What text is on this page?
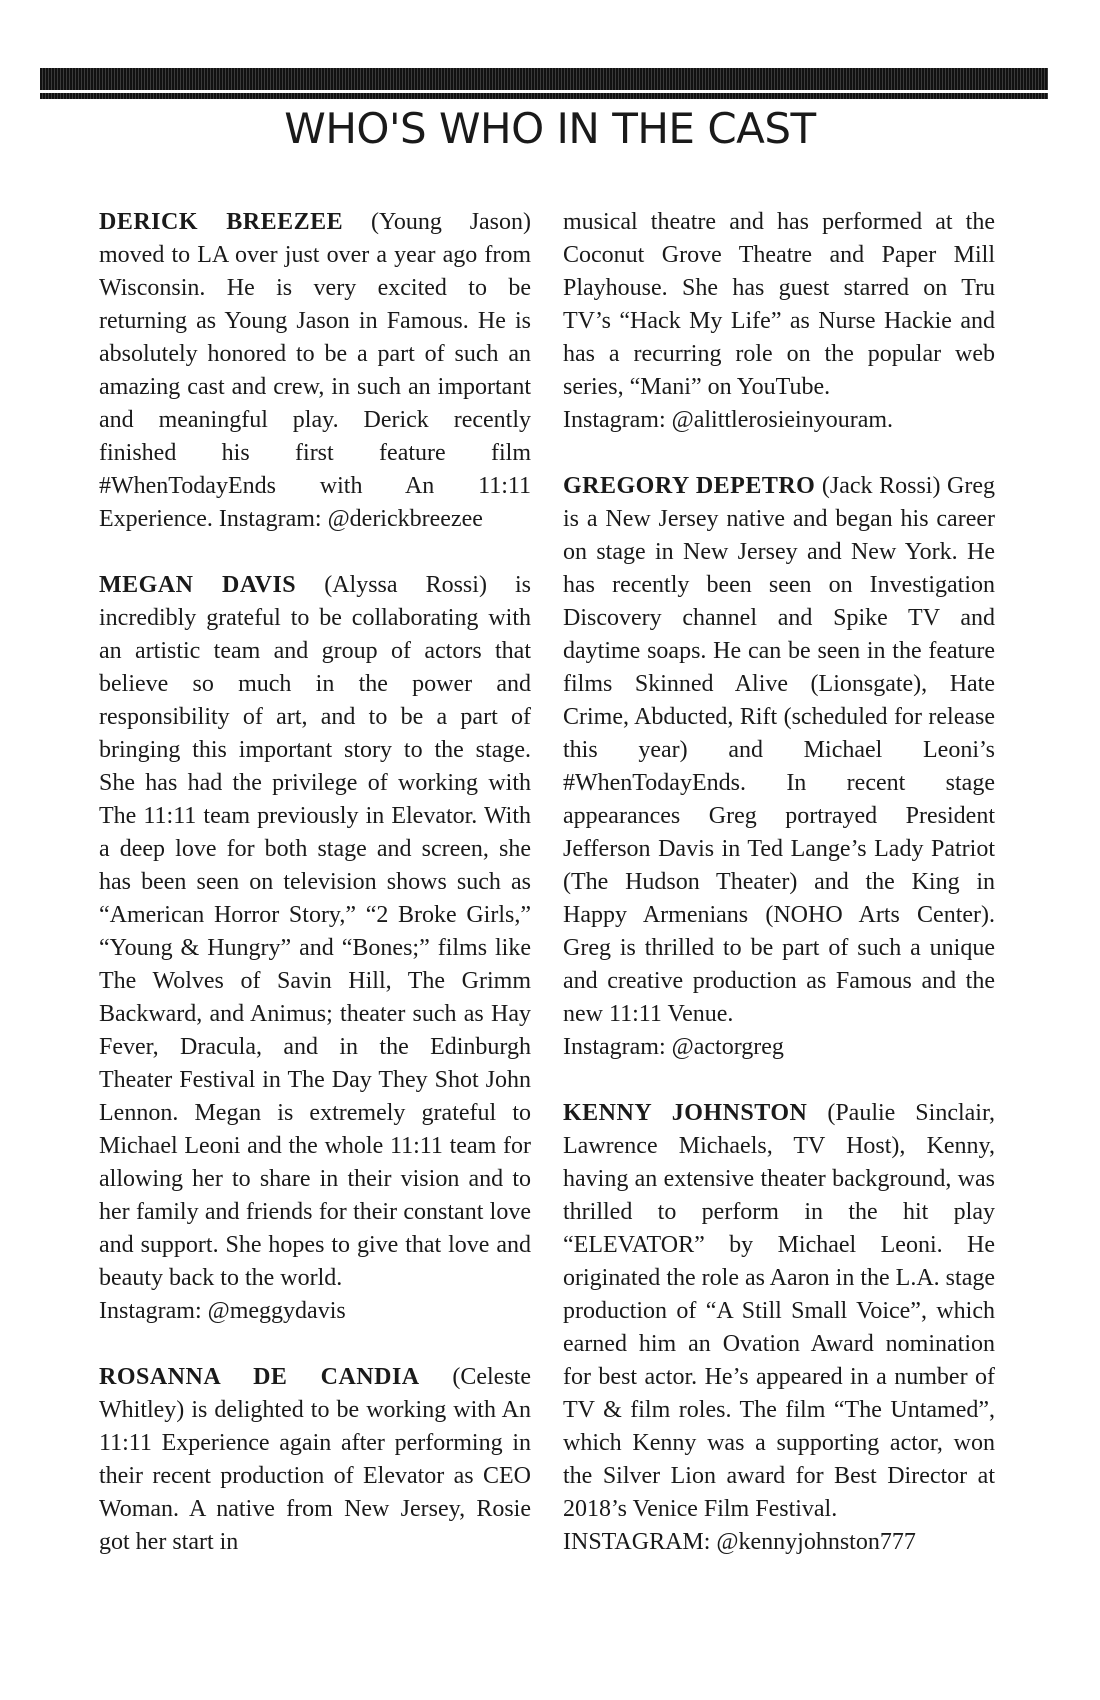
WHO'S WHO IN THE CAST

DERICK BREEZEE (Young Jason) moved to LA over just over a year ago from Wisconsin. He is very excited to be returning as Young Jason in Famous. He is absolutely honored to be a part of such an amazing cast and crew, in such an important and meaningful play. Derick recently finished his first feature film #WhenTodayEnds with An 11:11 Experience. Instagram: @derickbreezee

MEGAN DAVIS (Alyssa Rossi) is incredibly grateful to be collaborating with an artistic team and group of actors that believe so much in the power and responsibility of art, and to be a part of bringing this important story to the stage. She has had the privilege of working with The 11:11 team previously in Elevator. With a deep love for both stage and screen, she has been seen on television shows such as “American Horror Story,” “2 Broke Girls,” “Young & Hungry” and “Bones;” films like The Wolves of Savin Hill, The Grimm Backward, and Animus; theater such as Hay Fever, Dracula, and in the Edinburgh Theater Festival in The Day They Shot John Lennon. Megan is extremely grateful to Michael Leoni and the whole 11:11 team for allowing her to share in their vision and to her family and friends for their constant love and support. She hopes to give that love and beauty back to the world.
Instagram: @meggydavis

ROSANNA DE CANDIA (Celeste Whitley) is delighted to be working with An 11:11 Experience again after performing in their recent production of Elevator as CEO Woman. A native from New Jersey, Rosie got her start in

musical theatre and has performed at the Coconut Grove Theatre and Paper Mill Playhouse. She has guest starred on Tru TV’s “Hack My Life” as Nurse Hackie and has a recurring role on the popular web series, “Mani” on YouTube.
Instagram: @alittlerosieinyouram.

GREGORY DEPETRO (Jack Rossi) Greg is a New Jersey native and began his career on stage in New Jersey and New York. He has recently been seen on Investigation Discovery channel and Spike TV and daytime soaps. He can be seen in the feature films Skinned Alive (Lionsgate), Hate Crime, Abducted, Rift (scheduled for release this year) and Michael Leoni’s #WhenTodayEnds. In recent stage appearances Greg portrayed President Jefferson Davis in Ted Lange’s Lady Patriot (The Hudson Theater) and the King in Happy Armenians (NOHO Arts Center). Greg is thrilled to be part of such a unique and creative production as Famous and the new 11:11 Venue.
Instagram: @actorgreg

KENNY JOHNSTON (Paulie Sinclair, Lawrence Michaels, TV Host), Kenny, having an extensive theater background, was thrilled to perform in the hit play “ELEVATOR” by Michael Leoni. He originated the role as Aaron in the L.A. stage production of “A Still Small Voice”, which earned him an Ovation Award nomination for best actor. He’s appeared in a number of TV & film roles. The film “The Untamed”, which Kenny was a supporting actor, won the Silver Lion award for Best Director at 2018’s Venice Film Festival.
INSTAGRAM: @kennyjohnston777
